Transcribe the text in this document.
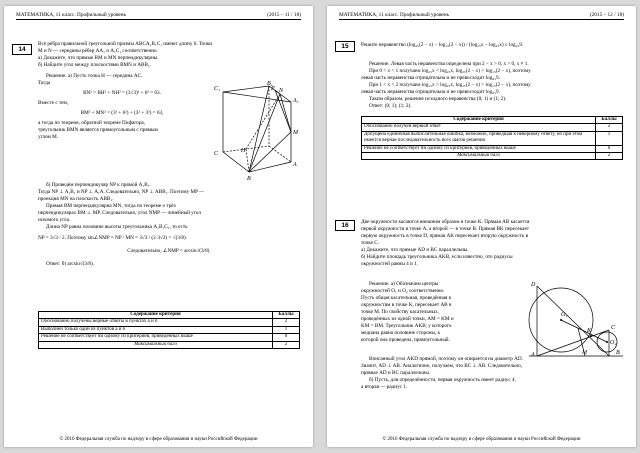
МАТЕМАТИКА, 11 класс. Профильный уровень	(2015 – 11 / 18)
14

Все рёбра правильной треугольной призмы ABCA₁B₁C₁ имеют длину 6. Точки

M и N — середины рёбер AA₁ и A₁C₁ соответственно.

а) Докажите, что прямые BM и MN перпендикулярны.

б) Найдите угол между плоскостями BMN и ABB₁.

Решение. а) Пусть точка H — середина AC.

Тогда

BN² = BH² + NH² = (3√3)² + 6² = 63.

Вместе с тем,

BM² + MN² = (3² + 6²) + (3² + 3²) = 63,

а тогда по теореме, обратной теореме Пифагора,

треугольник BMN является прямоугольным с прямым

углом M.

C₁
B₁
A₁
N
P
M
C	H
A
B

б) Проведём перпендикуляр NP к прямой A₁B₁.

Тогда NP ⊥ A₁B₁ и NP ⊥ A₁A. Следовательно, NP ⊥ ABB₁. Поэтому MP —

проекция MN на плоскость ABB₁.

Прямая BM перпендикулярна MN, тогда по теореме о трёх

перпендикулярах BM ⊥ MP. Следовательно, угол NMP — линейный угол

искомого угла.

Длина NP равна половине высоты треугольника A₁B₁C₁, то есть

NP = 3√3 / 2. Поэтому sin∠NMP = NP / MN = 3√3 / (2·3√2) = √(3/8).

Следовательно, ∠NMP = arcsin√(3/8).

Ответ: б) arcsin√(3/8).

Содержание критерия	Баллы
Обоснованно получены верные ответы в пунктах а и б	2
Выполнен только один из пунктов а и б	1
Решение не соответствует ни одному из критериев, приведённых выше	0
Максимальный балл	2
© 2016 Федеральная служба по надзору в сфере образования и науки Российской Федерации
МАТЕМАТИКА, 11 класс. Профильный уровень	(2015 – 12 / 18)
15	Решите неравенство (log₂₅(2 − x) − log₁₅(2 − x)) / (log₁₅x − log₂₅x) ≤ log₂₅9.

Решение. Левая часть неравенства определена при 2 − x > 0, x > 0, x ≠ 1.

При 0 < x < 1 получаем log₁₅x < log₂₅x, log₂₅(2 − x) < log₁₅(2 − x), поэтому

левая часть неравенства отрицательна и не превосходит log₂₅9.

При 1 < x < 2 получаем log₁₅x > log₂₅x, log₂₅(2 − x) > log₁₅(2 − x), поэтому

левая часть неравенства отрицательна и не превосходит log₂₅9.

Таким образом, решение исходного неравенства (0; 1) и (1; 2).

Ответ: (0; 1); (1; 2).

Содержание критерия	Баллы
Обоснованно получен верный ответ	2
Допущена единичная вычислительная ошибка, возможно, приведшая к неверному ответу, но при этом имеется верная последовательность всех шагов решения	1
Решение не соответствует ни одному из критериев, приведённых выше	0
Максимальный балл	2
16	Две окружности касаются внешним образом в точке K. Прямая AB касается

первой окружности в точке A, а второй — в точке B. Прямая BK пересекает

первую окружность в точке D, прямая AK пересекает вторую окружность в

точке C.

а) Докажите, что прямые AD и BC параллельны.

б) Найдите площадь треугольника AKB, если известно, что радиусы

окружностей равны 4 и 1.

Решение. а) Обозначим центры

окружностей O₁ и O₂ соответственно.

Пусть общая касательная, проведённая к

окружностям в точке K, пересекает AB в

точке M. По свойству касательных,

проведённых из одной точки, AM = KM и

KM = BM. Треугольник AKB, у которого

медиана равна половине стороны, к

которой она проведена, прямоугольный.

D
O₁
K	C
O₂
A	M	B

Вписанный угол AKD прямой, поэтому он опирается на диаметр AD.

Значит, AD ⊥ AB. Аналогично, получаем, что BC ⊥ AB. Следовательно,

прямые AD и BC параллельны.

б) Пусть, для определённости, первая окружность имеет радиус 4,

а вторая — радиус 1.

© 2016 Федеральная служба по надзору в сфере образования и науки Российской Федерации
